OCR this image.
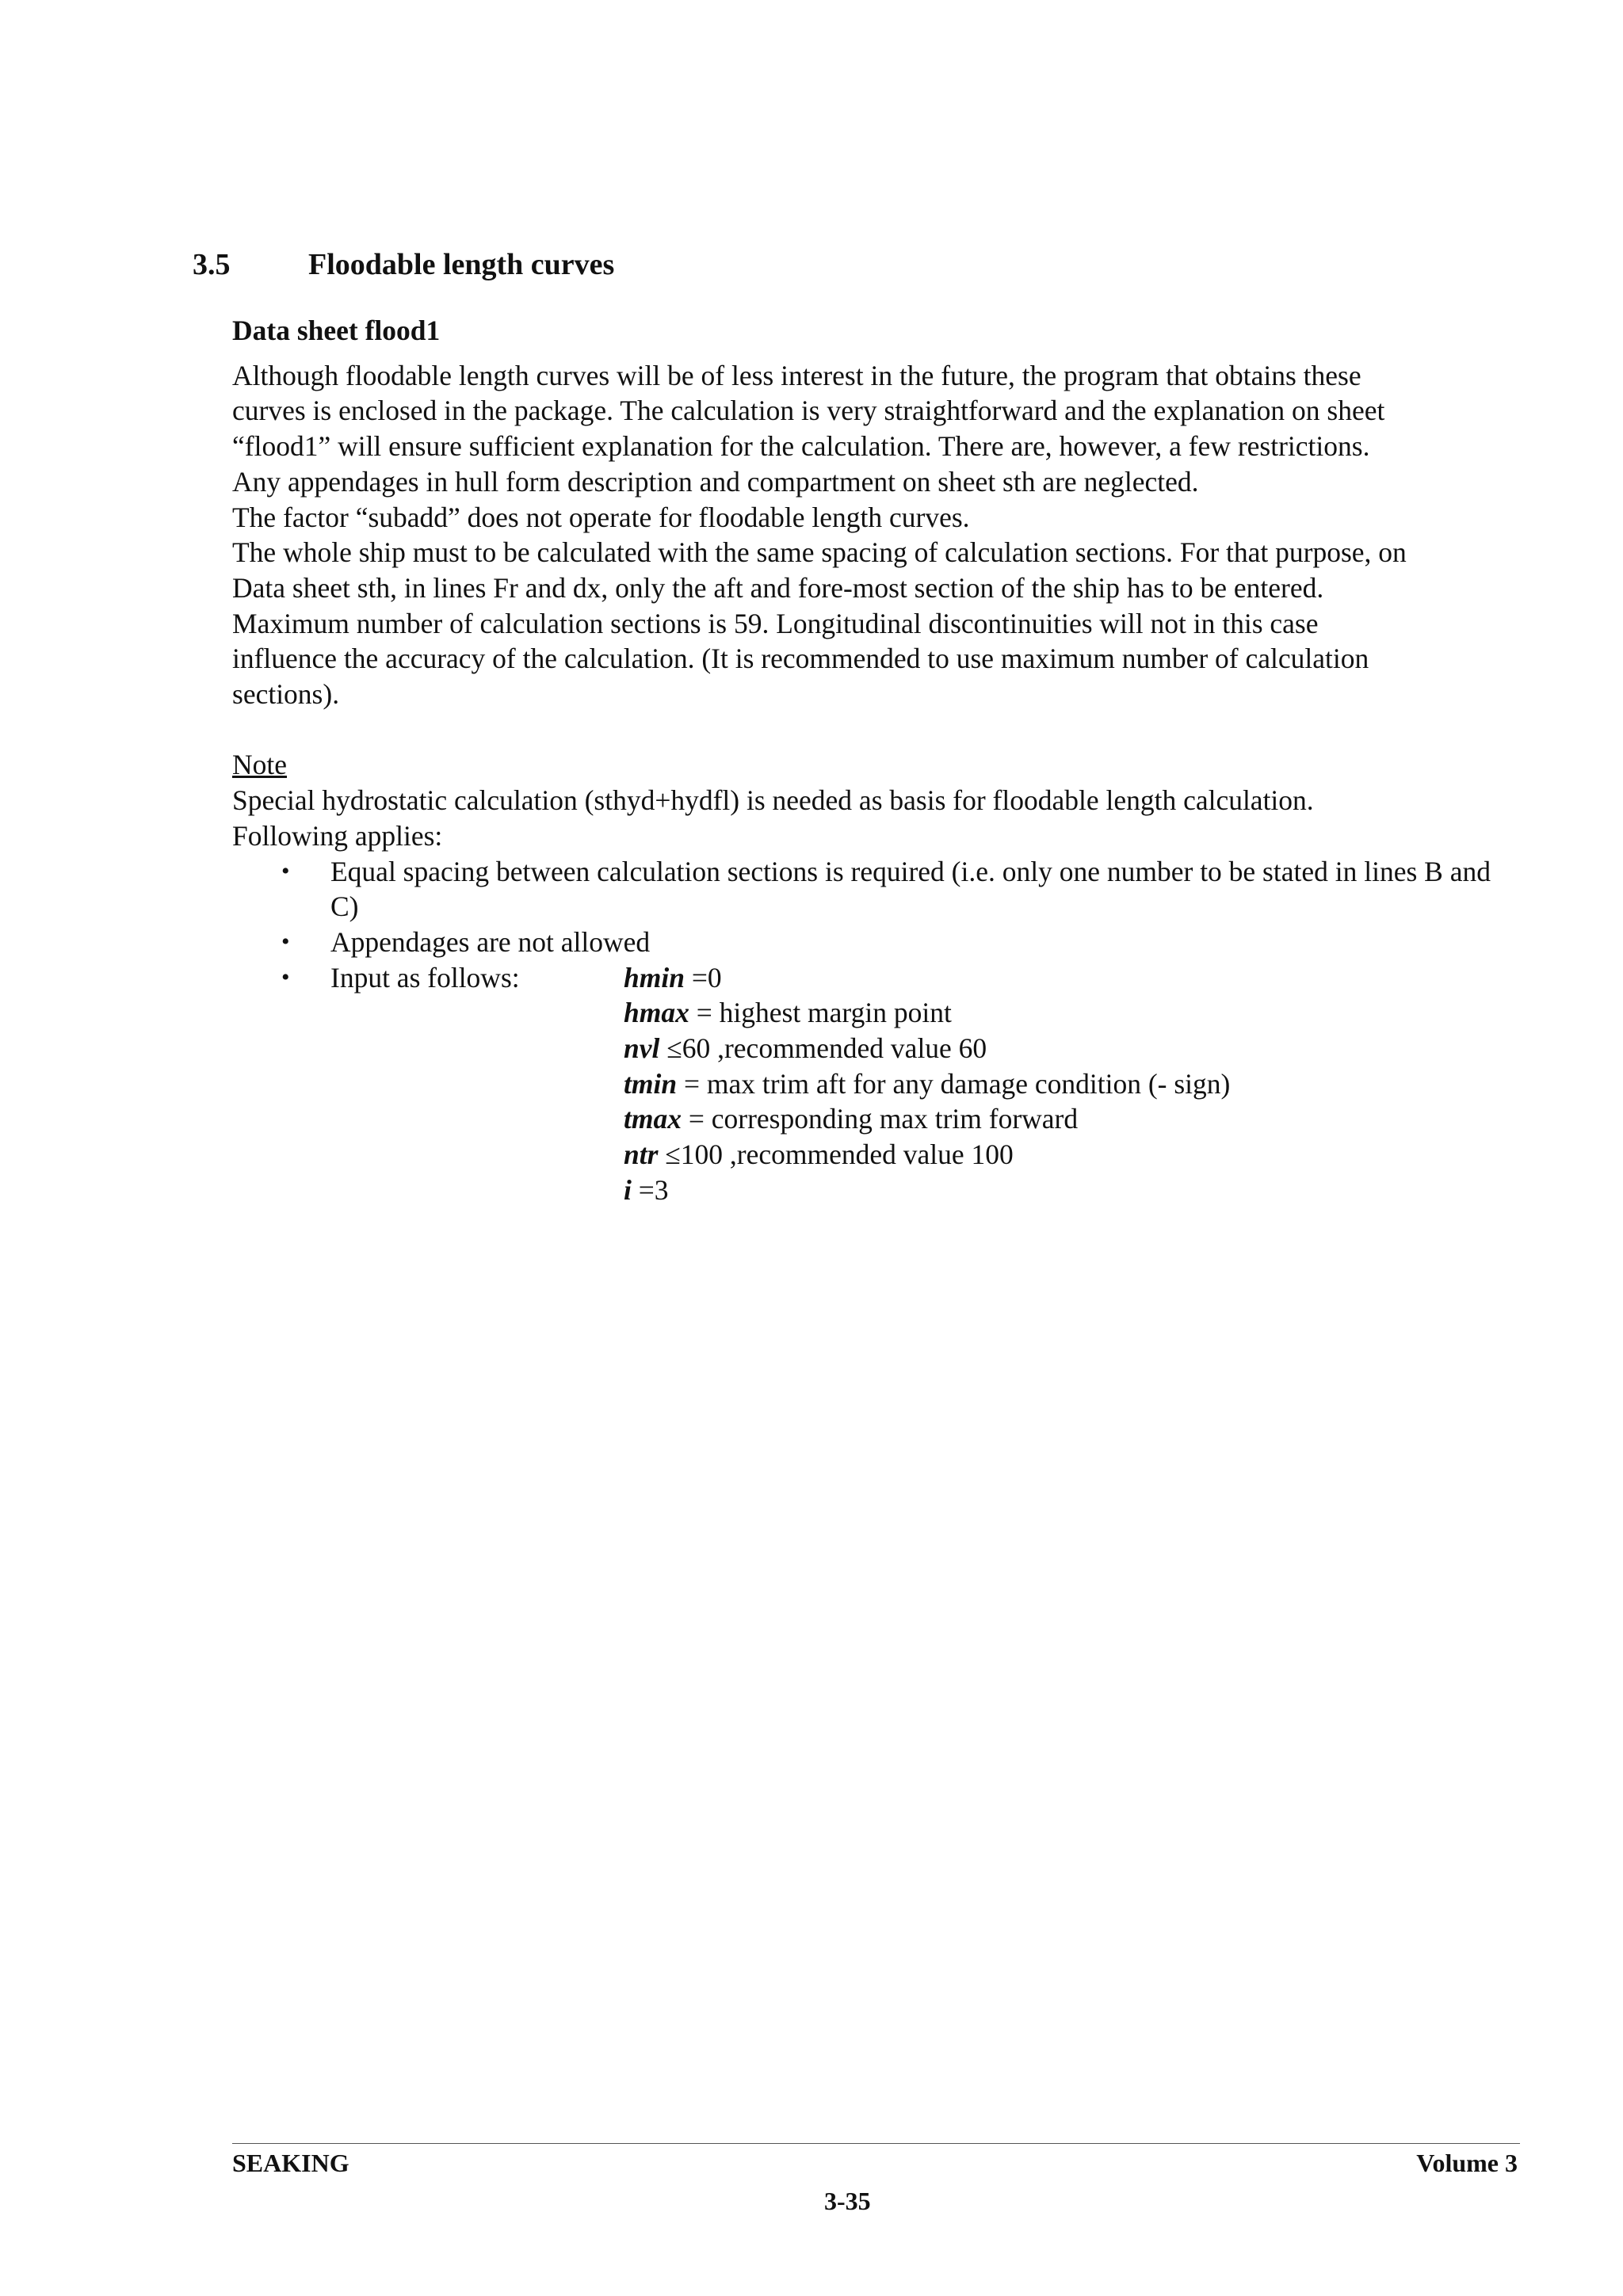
3.5	Floodable length curves

Data sheet flood1

Although floodable length curves will be of less interest in the future, the program that obtains these

curves is enclosed in the package. The calculation is very straightforward and the explanation on sheet

“flood1” will ensure sufficient explanation for the calculation. There are, however, a few restrictions.

Any appendages in hull form description and compartment on sheet sth are neglected.

The factor “subadd” does not operate for floodable length curves.

The whole ship must to be calculated with the same spacing of calculation sections. For that purpose, on

Data sheet sth, in lines Fr and dx, only the aft and fore-most section of the ship has to be entered.

Maximum number of calculation sections is 59. Longitudinal discontinuities will not in this case

influence the accuracy of the calculation. (It is recommended to use maximum number of calculation

sections).

Note

Special hydrostatic calculation (sthyd+hydfl) is needed as basis for floodable length calculation.

Following applies:

• Equal spacing between calculation sections is required (i.e. only one number to be stated in lines B and C)
• Appendages are not allowed
• Input as follows:	hmin =0
hmax = highest margin point
nvl ≤60 ,recommended value 60
tmin = max trim aft for any damage condition (- sign)
tmax = corresponding max trim forward
ntr ≤100 ,recommended value 100
i =3
SEAKING	Volume 3
3-35
